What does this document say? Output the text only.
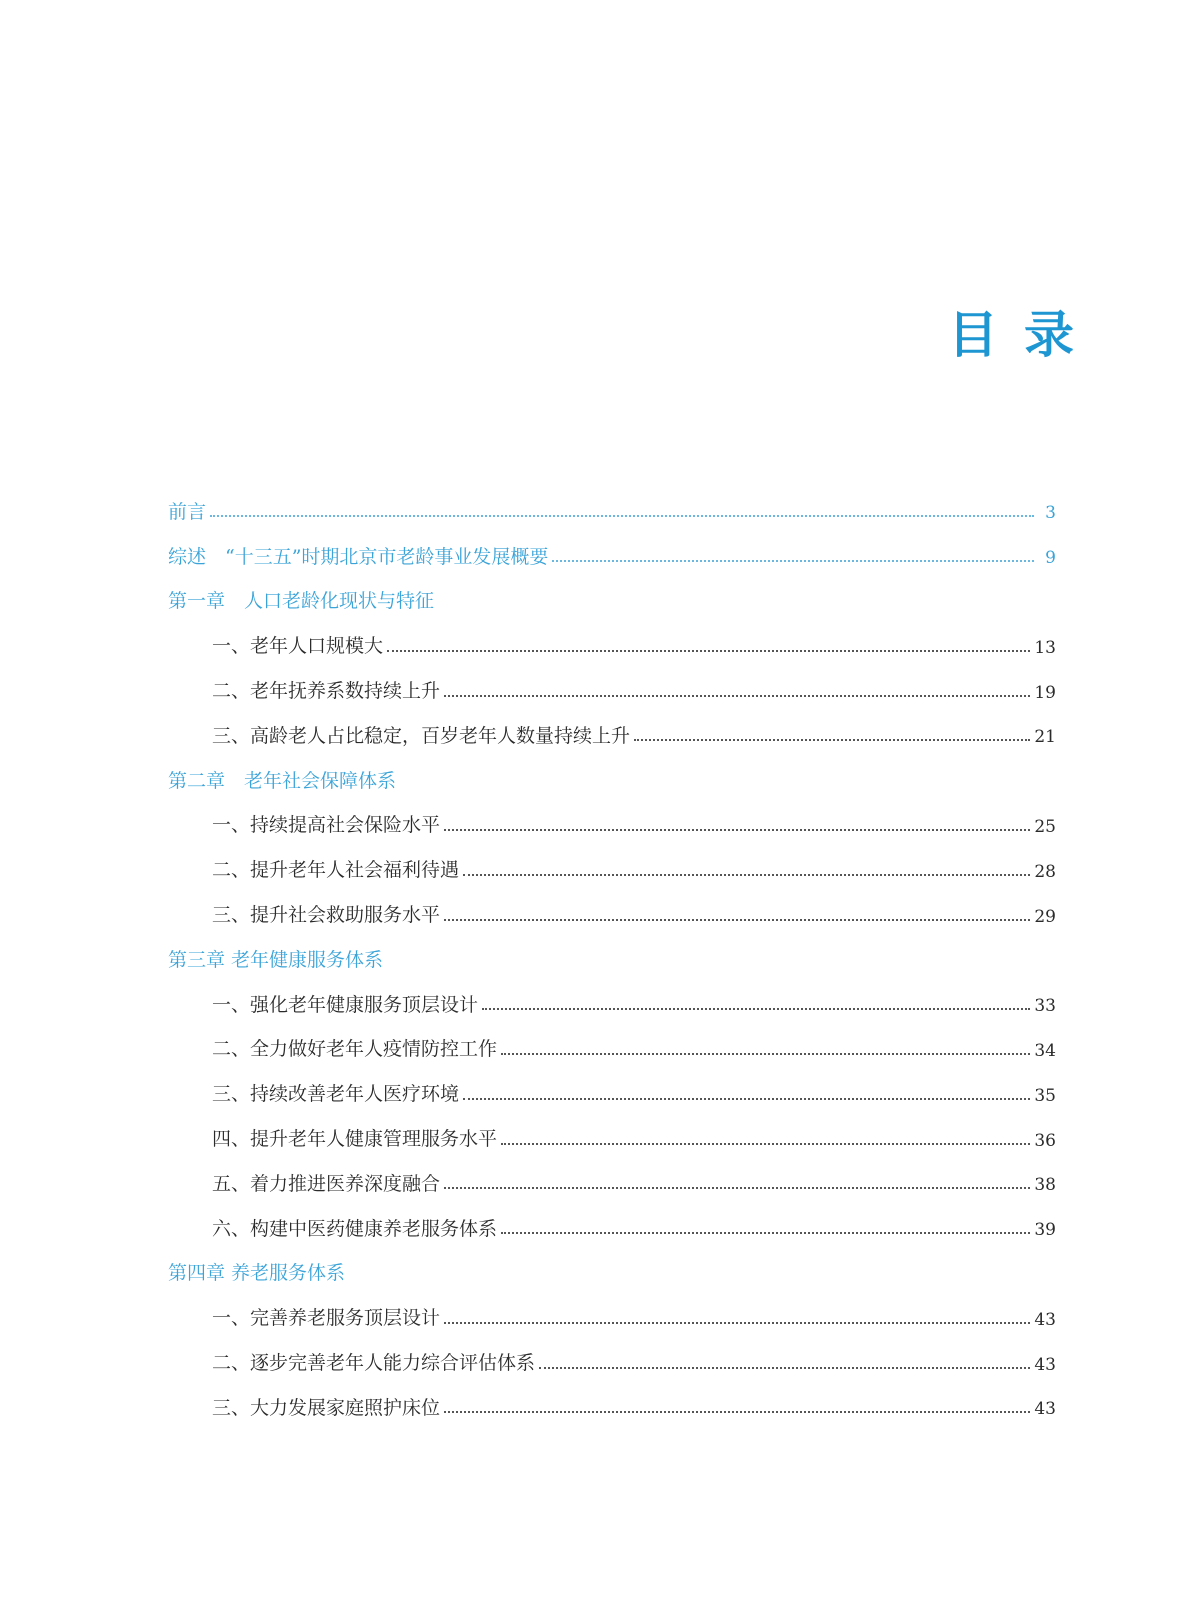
目录
前言	3
综述　“十三五”时期北京市老龄事业发展概要	9
第一章　人口老龄化现状与特征
一、老年人口规模大	13
二、老年抚养系数持续上升	19
三、高龄老人占比稳定，百岁老年人数量持续上升	21
第二章　老年社会保障体系
一、持续提高社会保险水平	25
二、提升老年人社会福利待遇	28
三、提升社会救助服务水平	29
第三章 老年健康服务体系
一、强化老年健康服务顶层设计	33
二、全力做好老年人疫情防控工作	34
三、持续改善老年人医疗环境	35
四、提升老年人健康管理服务水平	36
五、着力推进医养深度融合	38
六、构建中医药健康养老服务体系	39
第四章 养老服务体系
一、完善养老服务顶层设计	43
二、逐步完善老年人能力综合评估体系	43
三、大力发展家庭照护床位	43
